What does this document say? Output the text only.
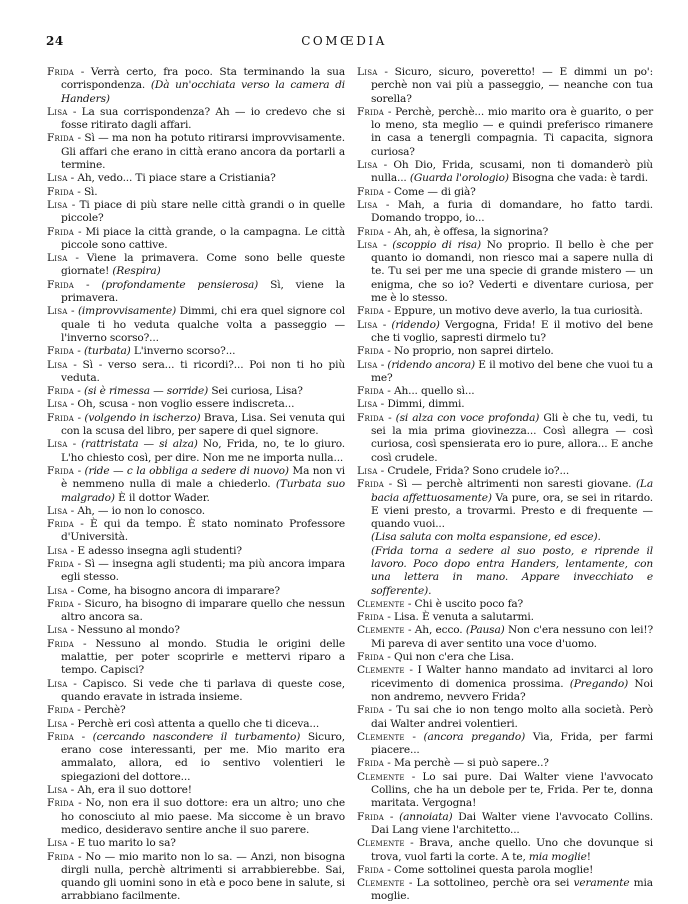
24	COMŒDIA

Frida - Verrà certo, fra poco. Sta terminando la sua corrispondenza. (Dà un'occhiata verso la camera di Handers)

Lisa - La sua corrispondenza? Ah — io credevo che si fosse ritirato dagli affari.

Frida - Sì — ma non ha potuto ritirarsi improvvisamente. Gli affari che erano in città erano ancora da portarli a termine.

Lisa - Ah, vedo... Ti piace stare a Cristiania?

Frida - Sì.

Lisa - Ti piace di più stare nelle città grandi o in quelle piccole?

Frida - Mi piace la città grande, o la campagna. Le città piccole sono cattive.

Lisa - Viene la primavera. Come sono belle queste giornate! (Respira)

Frida - (profondamente pensierosa) Sì, viene la primavera.

Lisa - (improvvisamente) Dimmi, chi era quel signore col quale ti ho veduta qualche volta a passeggio — l'inverno scorso?...

Frida - (turbata) L'inverno scorso?...

Lisa - Sì - verso sera... ti ricordi?... Poi non ti ho più veduta.

Frida - (si è rimessa — sorride) Sei curiosa, Lisa?

Lisa - Oh, scusa - non voglio essere indiscreta...

Frida - (volgendo in ischerzo) Brava, Lisa. Sei venuta qui con la scusa del libro, per sapere di quel signore.

Lisa - (rattristata — si alza) No, Frida, no, te lo giuro. L'ho chiesto così, per dire. Non me ne importa nulla...

Frida - (ride — c la obbliga a sedere di nuovo) Ma non vi è nemmeno nulla di male a chiederlo. (Turbata suo malgrado) È il dottor Wader.

Lisa - Ah, — io non lo conosco.

Frida - È qui da tempo. È stato nominato Professore d'Università.

Lisa - E adesso insegna agli studenti?

Frida - Sì — insegna agli studenti; ma più ancora impara egli stesso.

Lisa - Come, ha bisogno ancora di imparare?

Frida - Sicuro, ha bisogno di imparare quello che nessun altro ancora sa.

Lisa - Nessuno al mondo?

Frida - Nessuno al mondo. Studia le origini delle malattie, per poter scoprirle e mettervi riparo a tempo. Capisci?

Lisa - Capisco. Si vede che ti parlava di queste cose, quando eravate in istrada insieme.

Frida - Perchè?

Lisa - Perchè eri così attenta a quello che ti diceva...

Frida - (cercando nascondere il turbamento) Sicuro, erano cose interessanti, per me. Mio marito era ammalato, allora, ed io sentivo volentieri le spiegazioni del dottore...

Lisa - Ah, era il suo dottore!

Frida - No, non era il suo dottore: era un altro; uno che ho conosciuto al mio paese. Ma siccome è un bravo medico, desideravo sentire anche il suo parere.

Lisa - E tuo marito lo sa?

Frida - No — mio marito non lo sa. — Anzi, non bisogna dirgli nulla, perchè altrimenti si arrabbierebbe. Sai, quando gli uomini sono in età e poco bene in salute, si arrabbiano facilmente.

Lisa - Sicuro, sicuro, poveretto! — E dimmi un po': perchè non vai più a passeggio, — neanche con tua sorella?

Frida - Perchè, perchè... mio marito ora è guarito, o per lo meno, sta meglio — e quindi preferisco rimanere in casa a tenergli compagnia. Ti capacita, signora curiosa?

Lisa - Oh Dio, Frida, scusami, non ti domanderò più nulla... (Guarda l'orologio) Bisogna che vada: è tardi.

Frida - Come — di già?

Lisa - Mah, a furia di domandare, ho fatto tardi. Domando troppo, io...

Frida - Ah, ah, è offesa, la signorina?

Lisa - (scoppio di risa) No proprio. Il bello è che per quanto io domandi, non riesco mai a sapere nulla di te. Tu sei per me una specie di grande mistero — un enigma, che so io? Vederti e diventare curiosa, per me è lo stesso.

Frida - Eppure, un motivo deve averlo, la tua curiosità.

Lisa - (ridendo) Vergogna, Frida! E il motivo del bene che ti voglio, sapresti dirmelo tu?

Frida - No proprio, non saprei dirtelo.

Lisa - (ridendo ancora) E il motivo del bene che vuoi tu a me?

Frida - Ah... quello sì...

Lisa - Dimmi, dimmi.

Frida - (si alza con voce profonda) Gli è che tu, vedi, tu sei la mia prima giovinezza... Così allegra — così curiosa, così spensierata ero io pure, allora... E anche così crudele.

Lisa - Crudele, Frida? Sono crudele io?...

Frida - Sì — perchè altrimenti non saresti giovane. (La bacia affettuosamente) Va pure, ora, se sei in ritardo. E vieni presto, a trovarmi. Presto e di frequente — quando vuoi...

(Lisa saluta con molta espansione, ed esce).

(Frida torna a sedere al suo posto, e riprende il lavoro. Poco dopo entra Handers, lentamente, con una lettera in mano. Appare invecchiato e sofferente).

Clemente - Chi è uscito poco fa?

Frida - Lisa. È venuta a salutarmi.

Clemente - Ah, ecco. (Pausa) Non c'era nessuno con lei!? Mi pareva di aver sentito una voce d'uomo.

Frida - Qui non c'era che Lisa.

Clemente - I Walter hanno mandato ad invitarci al loro ricevimento di domenica prossima. (Pregando) Noi non andremo, nevvero Frida?

Frida - Tu sai che io non tengo molto alla società. Però dai Walter andrei volentieri.

Clemente - (ancora pregando) Via, Frida, per farmi piacere...

Frida - Ma perchè — si può sapere..?

Clemente - Lo sai pure. Dai Walter viene l'avvocato Collins, che ha un debole per te, Frida. Per te, donna maritata. Vergogna!

Frida - (annoiata) Dai Walter viene l'avvocato Collins. Dai Lang viene l'architetto...

Clemente - Brava, anche quello. Uno che dovunque si trova, vuol farti la corte. A te, mia moglie!

Frida - Come sottolinei questa parola moglie!

Clemente - La sottolineo, perchè ora sei veramente mia moglie.
